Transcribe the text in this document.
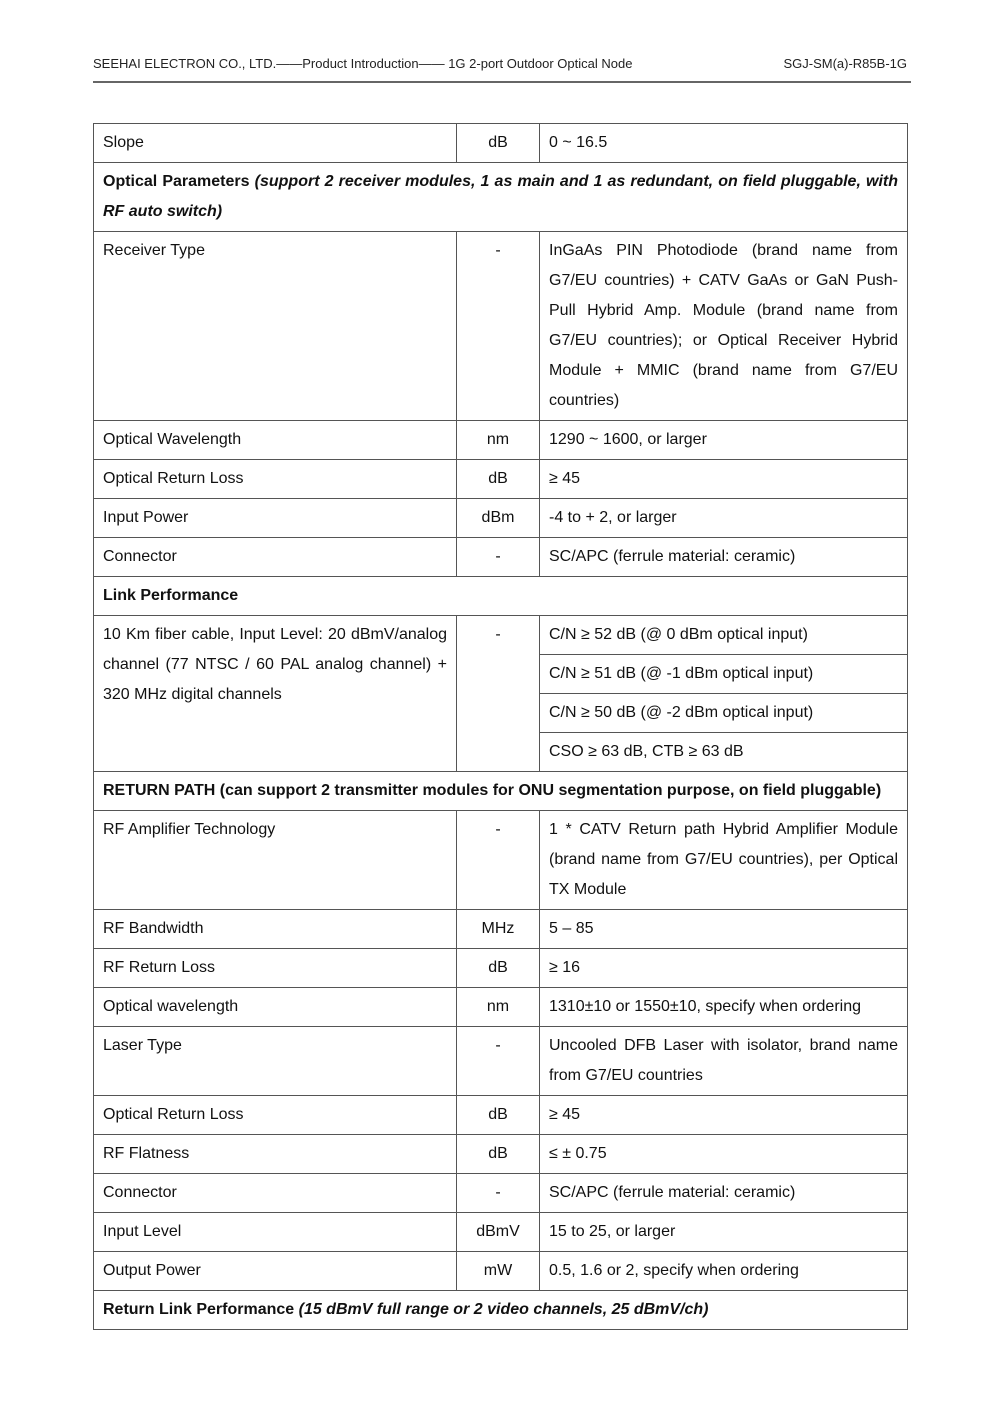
SEEHAI ELECTRON CO., LTD.——Product Introduction—— 1G 2-port Outdoor Optical Node	SGJ-SM(a)-R85B-1G
Slope	dB	0 ~ 16.5
Optical Parameters (support 2 receiver modules, 1 as main and 1 as redundant, on field pluggable, with RF auto switch)		
Receiver Type	-	InGaAs PIN Photodiode (brand name from G7/EU countries) + CATV GaAs or GaN Push-Pull Hybrid Amp. Module (brand name from G7/EU countries); or Optical Receiver Hybrid Module + MMIC (brand name from G7/EU countries)
Optical Wavelength	nm	1290 ~ 1600, or larger
Optical Return Loss	dB	≥ 45
Input Power	dBm	-4 to + 2, or larger
Connector	-	SC/APC (ferrule material: ceramic)
Link Performance		
10 Km fiber cable, Input Level: 20 dBmV/analog channel (77 NTSC / 60 PAL analog channel) + 320 MHz digital channels	-	C/N ≥ 52 dB (@ 0 dBm optical input)
		C/N ≥ 51 dB (@ -1 dBm optical input)
		C/N ≥ 50 dB (@ -2 dBm optical input)
		CSO ≥ 63 dB, CTB ≥ 63 dB
RETURN PATH (can support 2 transmitter modules for ONU segmentation purpose, on field pluggable)		
RF Amplifier Technology	-	1 * CATV Return path Hybrid Amplifier Module (brand name from G7/EU countries), per Optical TX Module
RF Bandwidth	MHz	5 – 85
RF Return Loss	dB	≥ 16
Optical wavelength	nm	1310±10 or 1550±10, specify when ordering
Laser Type	-	Uncooled DFB Laser with isolator, brand name from G7/EU countries
Optical Return Loss	dB	≥ 45
RF Flatness	dB	≤ ± 0.75
Connector	-	SC/APC (ferrule material: ceramic)
Input Level	dBmV	15 to 25, or larger
Output Power	mW	0.5, 1.6 or 2, specify when ordering
Return Link Performance (15 dBmV full range or 2 video channels, 25 dBmV/ch)		
